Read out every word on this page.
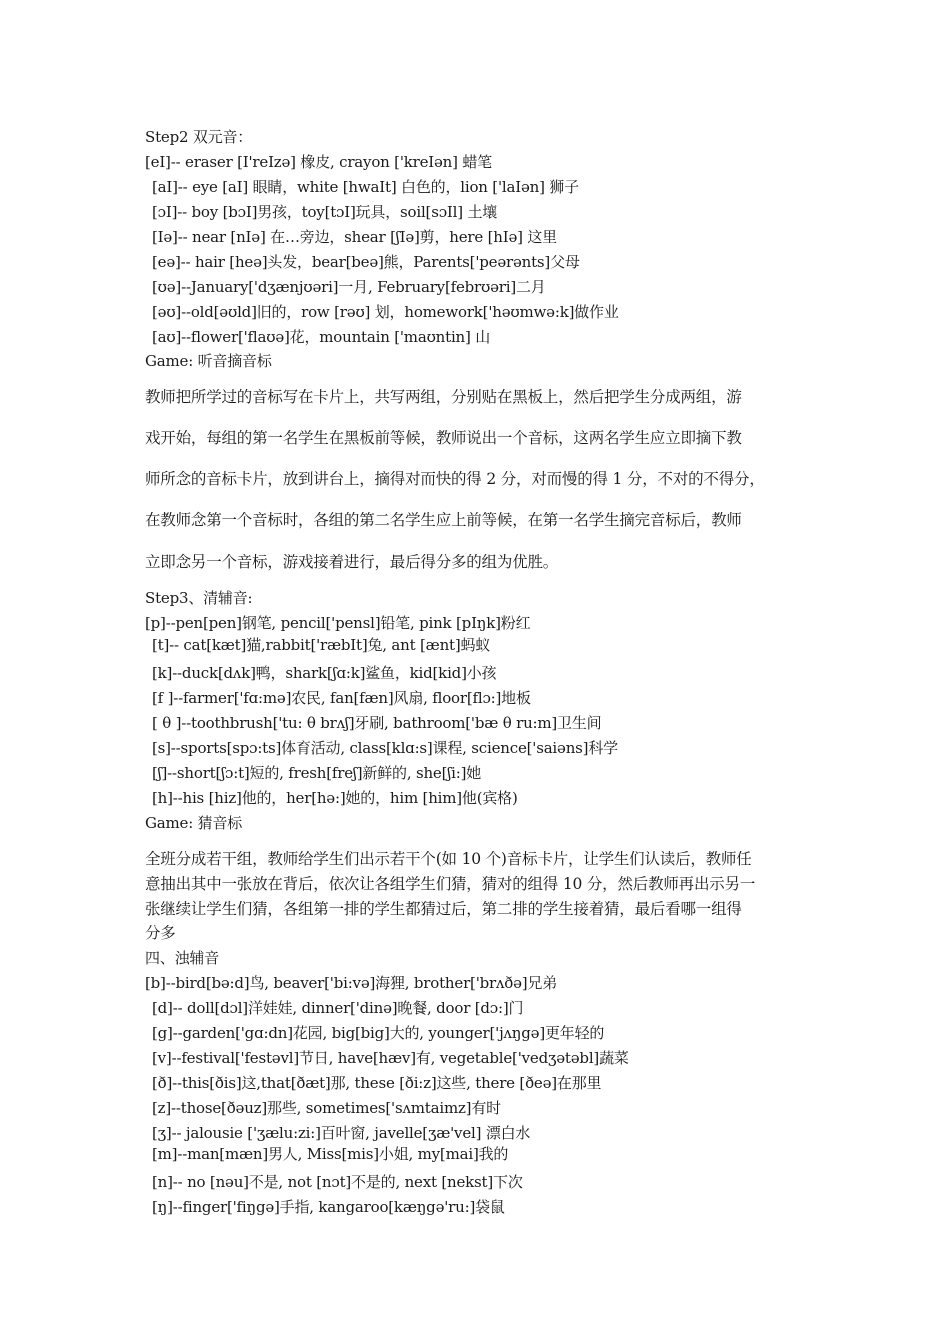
Step2 双元音：
[eI]-- eraser [I'reIzə] 橡皮, crayon ['kreIən] 蜡笔
[aI]-- eye [aI] 眼睛，white [hwaIt] 白色的，lion ['laIən] 狮子
[ɔI]-- boy [bɔI]男孩，toy[tɔI]玩具，soil[sɔIl] 土壤
[Iə]-- near [nIə] 在…旁边，shear [ʃIə]剪，here [hIə] 这里
[eə]-- hair [heə]头发，bear[beə]熊，Parents['peərənts]父母
[ʊə]--January['dʒænjʊəri]一月, February[febrʊəri]二月
[əʊ]--old[əʊld]旧的，row [rəʊ] 划，homework['həʊmwə:k]做作业
[aʊ]--flower['flaʊə]花，mountain ['maʊntin] 山
Game: 听音摘音标
教师把所学过的音标写在卡片上，共写两组，分别贴在黑板上，然后把学生分成两组，游
戏开始，每组的第一名学生在黑板前等候，教师说出一个音标，这两名学生应立即摘下教
师所念的音标卡片，放到讲台上，摘得对而快的得 2 分，对而慢的得 1 分，不对的不得分，
在教师念第一个音标时，各组的第二名学生应上前等候，在第一名学生摘完音标后，教师
立即念另一个音标，游戏接着进行，最后得分多的组为优胜。
Step3、清辅音:
[p]--pen[pen]钢笔, pencil['pensl]铅笔, pink [pIŋk]粉红
[t]-- cat[kæt]猫,rabbit['ræbIt]兔, ant [ænt]蚂蚁
[k]--duck[dʌk]鸭，shark[ʃɑ:k]鲨鱼，kid[kid]小孩
[f ]--farmer['fɑ:mə]农民, fan[fæn]风扇, floor[flɔ:]地板
[ θ ]--toothbrush['tu: θ brʌʃ]牙刷, bathroom['bæ θ ru:m]卫生间
[s]--sports[spɔ:ts]体育活动, class[klɑ:s]课程, science['saiəns]科学
[ʃ]--short[ʃɔ:t]短的, fresh[freʃ]新鲜的, she[ʃi:]她
[h]--his [hiz]他的，her[hə:]她的，him [him]他(宾格)
Game: 猜音标
全班分成若干组，教师给学生们出示若干个(如 10 个)音标卡片，让学生们认读后，教师任
意抽出其中一张放在背后，依次让各组学生们猜，猜对的组得 10 分，然后教师再出示另一
张继续让学生们猜，各组第一排的学生都猜过后，第二排的学生接着猜，最后看哪一组得
分多
四、浊辅音
[b]--bird[bə:d]鸟, beaver['bi:və]海狸, brother['brʌðə]兄弟
[d]-- doll[dɔl]洋娃娃, dinner['dinə]晚餐, door [dɔ:]门
[g]--garden['gɑ:dn]花园, big[big]大的, younger['jʌŋgə]更年轻的
[v]--festival['festəvl]节日, have[hæv]有, vegetable['vedʒətəbl]蔬菜
[ð]--this[ðis]这,that[ðæt]那, these [ði:z]这些, there [ðeə]在那里
[z]--those[ðəuz]那些, sometimes['sʌmtaimz]有时
[ʒ]-- jalousie ['ʒælu:zi:]百叶窗, javelle[ʒæ'vel] 漂白水
[m]--man[mæn]男人, Miss[mis]小姐, my[mai]我的
[n]-- no [nəu]不是, not [nɔt]不是的, next [nekst]下次
[ŋ]--finger['fiŋgə]手指, kangaroo[kæŋgə'ru:]袋鼠
